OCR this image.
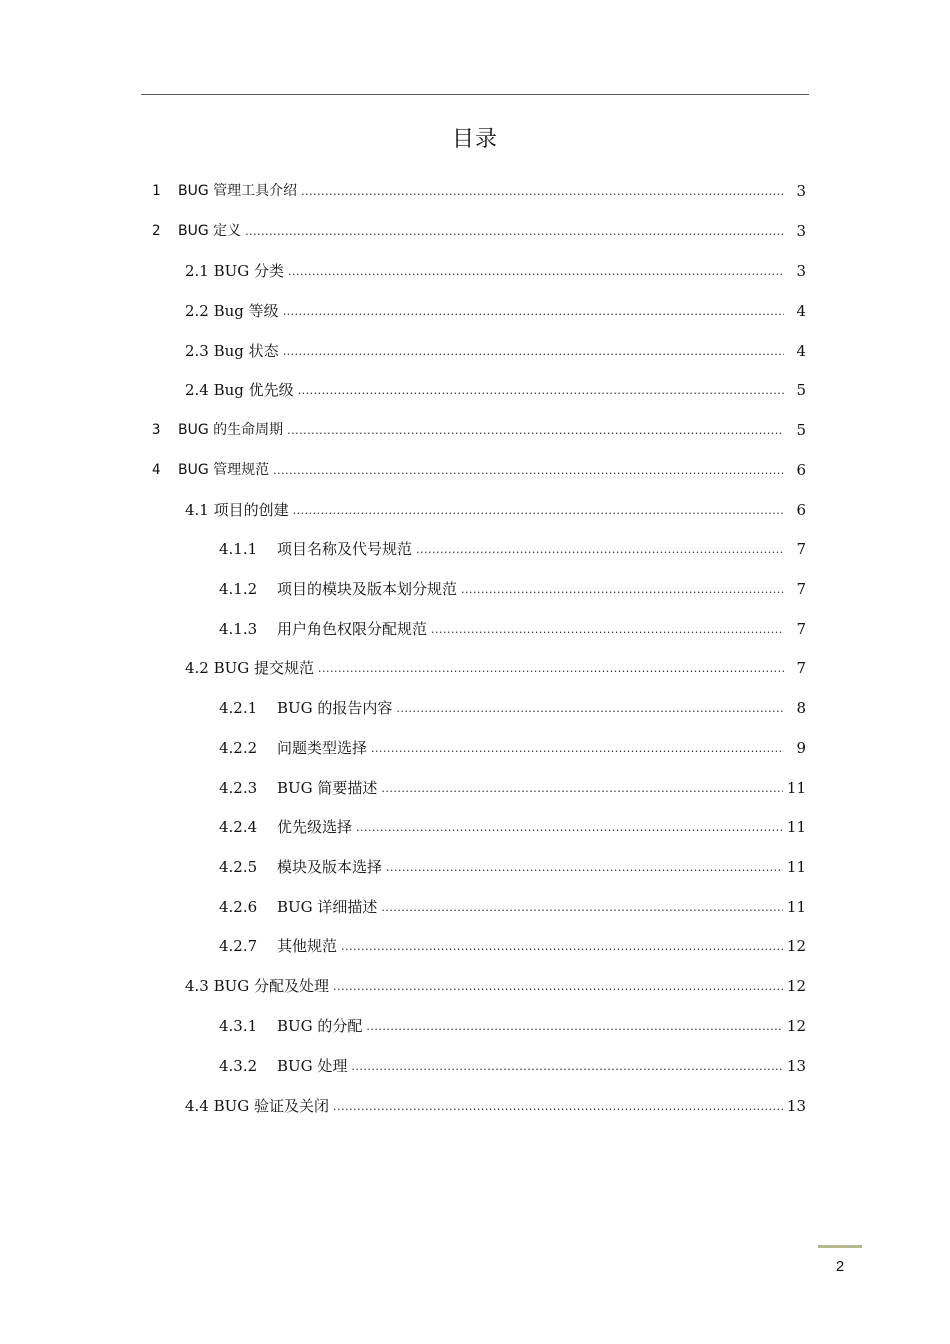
目录
1	BUG 管理工具介绍 .....	3
2	BUG 定义 .....	3
2.1 BUG 分类 .....	3
2.2 Bug 等级 .....	4
2.3 Bug 状态 .....	4
2.4 Bug 优先级 .....	5
3	BUG 的生命周期 .....	5
4	BUG 管理规范 .....	6
4.1 项目的创建 .....	6
4.1.1	项目名称及代号规范 .....	7
4.1.2	项目的模块及版本划分规范 .....	7
4.1.3	用户角色权限分配规范 .....	7
4.2 BUG 提交规范 .....	7
4.2.1	BUG 的报告内容 .....	8
4.2.2	问题类型选择 .....	9
4.2.3	BUG 简要描述 .....	11
4.2.4	优先级选择 .....	11
4.2.5	模块及版本选择 .....	11
4.2.6	BUG 详细描述 .....	11
4.2.7	其他规范 .....	12
4.3 BUG 分配及处理 .....	12
4.3.1	BUG 的分配 .....	12
4.3.2	BUG 处理 .....	13
4.4 BUG 验证及关闭 .....	13
2
